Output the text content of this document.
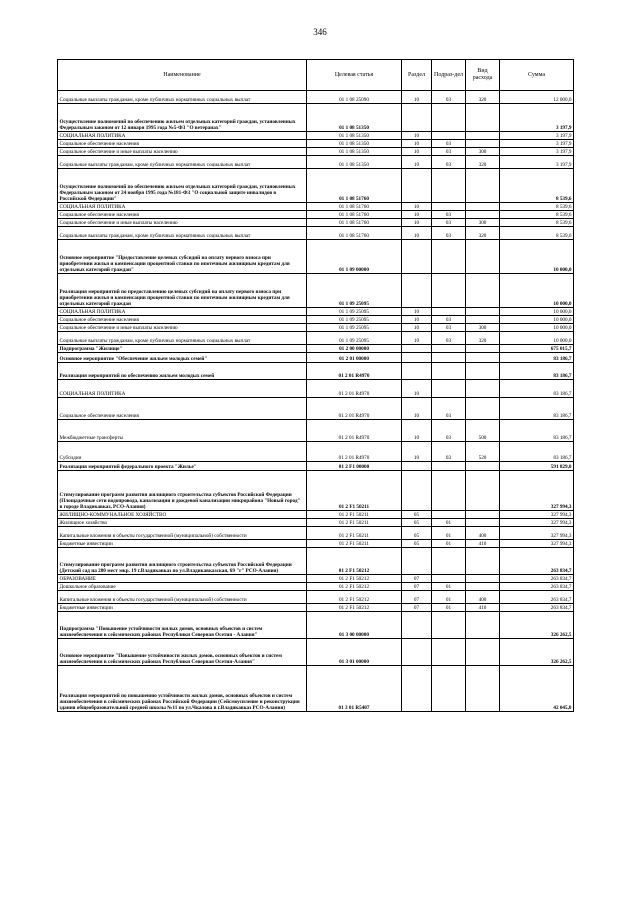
346
Наименование	Целевая статья	Раздел	Подраз-дел	Вид расхода	Сумма
Социальные выплаты гражданам, кроме публичных нормативных социальных выплат	01 1 08 25090	10	03	320	12 000,0
Осуществление полномочий по обеспечению жильем отдельных категорий граждан, установленных Федеральным законом от 12 января 1995 года №5-ФЗ "О ветеранах"	01 1 08 51350				3 197,9
СОЦИАЛЬНАЯ ПОЛИТИКА	01 1 08 51350	10			3 197,9
Социальное обеспечение населения	01 1 08 51350	10	03		3 197,9
Социальное обеспечение и иные выплаты населению	01 1 08 51350	10	03	300	3 197,9
Социальные выплаты гражданам, кроме публичных нормативных социальных выплат	01 1 08 51350	10	03	320	3 197,9
Осуществление полномочий по обеспечению жильем отдельных категорий граждан, установленных Федеральным законом от 24 ноября 1995 года №181-ФЗ "О социальной защите инвалидов в Российской Федерации"	01 1 08 51760				8 539,6
СОЦИАЛЬНАЯ ПОЛИТИКА	01 1 08 51760	10			8 539,6
Социальное обеспечение населения	01 1 08 51760	10	03		8 539,6
Социальное обеспечение и иные выплаты населению	01 1 08 51760	10	03	300	8 539,6
Социальные выплаты гражданам, кроме публичных нормативных социальных выплат	01 1 08 51760	10	03	320	8 539,6
Основное мероприятие "Предоставление целевых субсидий на оплату первого взноса при приобретении жилья и компенсации процентной ставки по ипотечным жилищным кредитам для отдельных категорий граждан"	01 1 09 00000				10 000,0
Реализация мероприятий по предоставлению целевых субсидий на оплату первого взноса при приобретении жилья и компенсации процентной ставки по ипотечным жилищным кредитам для отдельных категорий граждан	01 1 09 25095				10 000,0
СОЦИАЛЬНАЯ ПОЛИТИКА	01 1 09 25095	10			10 000,0
Социальное обеспечение населения	01 1 09 25095	10	03		10 000,0
Социальное обеспечение и иные выплаты населению	01 1 09 25095	10	03	300	10 000,0
Социальные выплаты гражданам, кроме публичных нормативных социальных выплат	01 1 09 25095	10	03	320	10 000,0
Подпрограмма "Жилище"	01 2 00 00000				675 015,7
Основное мероприятие "Обеспечение жильем молодых семей"	01 2 01 00000				83 186,7
Реализация мероприятий по обеспечению жильем молодых семей	01 2 01 R4970				83 186,7
СОЦИАЛЬНАЯ ПОЛИТИКА	01 2 01 R4970	10			83 186,7
Социальное обеспечение населения	01 2 01 R4970	10	03		83 186,7
Межбюджетные трансферты	01 2 01 R4970	10	03	500	83 186,7
Субсидии	01 2 01 R4970	10	03	520	83 186,7
Реализация мероприятий федерального проекта "Жилье"	01 2 F1 00000				591 829,0
Стимулирование программ развития жилищного строительства субъектов Российской Федерации (Площадочные сети водопровода, канализации и дождевой канализации микрорайона "Новый город" в городе Владикавказ, РСО-Алания)	01 2 F1 50211				327 994,3
ЖИЛИЩНО-КОММУНАЛЬНОЕ ХОЗЯЙСТВО	01 2 F1 50211	05			327 994,3
Жилищное хозяйство	01 2 F1 50211	05	01		327 994,3
Капитальные вложения в объекты государственной (муниципальной) собственности	01 2 F1 50211	05	01	400	327 994,3
Бюджетные инвестиции	01 2 F1 50211	05	01	410	327 994,3
Стимулирование программ развития жилищного строительства субъектов Российской Федерации (Детский сад на 280 мест мкр. 19 г.Владикавказ по ул.Владикавказская, 69 "г" РСО-Алания)	01 2 F1 50212				263 834,7
ОБРАЗОВАНИЕ	01 2 F1 50212	07			263 834,7
Дошкольное образование	01 2 F1 50212	07	01		263 834,7
Капитальные вложения в объекты государственной (муниципальной) собственности	01 2 F1 50212	07	01	400	263 834,7
Бюджетные инвестиции	01 2 F1 50212	07	01	410	263 834,7
Подпрограмма "Повышение устойчивости жилых домов, основных объектов и систем жизнеобеспечения в сейсмических районах Республики Северная Осетия - Алания"	01 3 00 00000				326 262,5
Основное мероприятие "Повышение устойчивости жилых домов, основных объектов и систем жизнеобеспечения в сейсмических районах Республики Северная Осетия-Алания"	01 3 01 00000				326 262,5
Реализация мероприятий по повышению устойчивости жилых домов, основных объектов и систем жизнеобеспечения в сейсмических районах Российской Федерации (Сейсмоусиление и реконструкция здания общеобразовательной средней школы №11 по ул.Чкалова в г.Владикавказ РСО-Алания)	01 3 01 R5407				42 045,0
